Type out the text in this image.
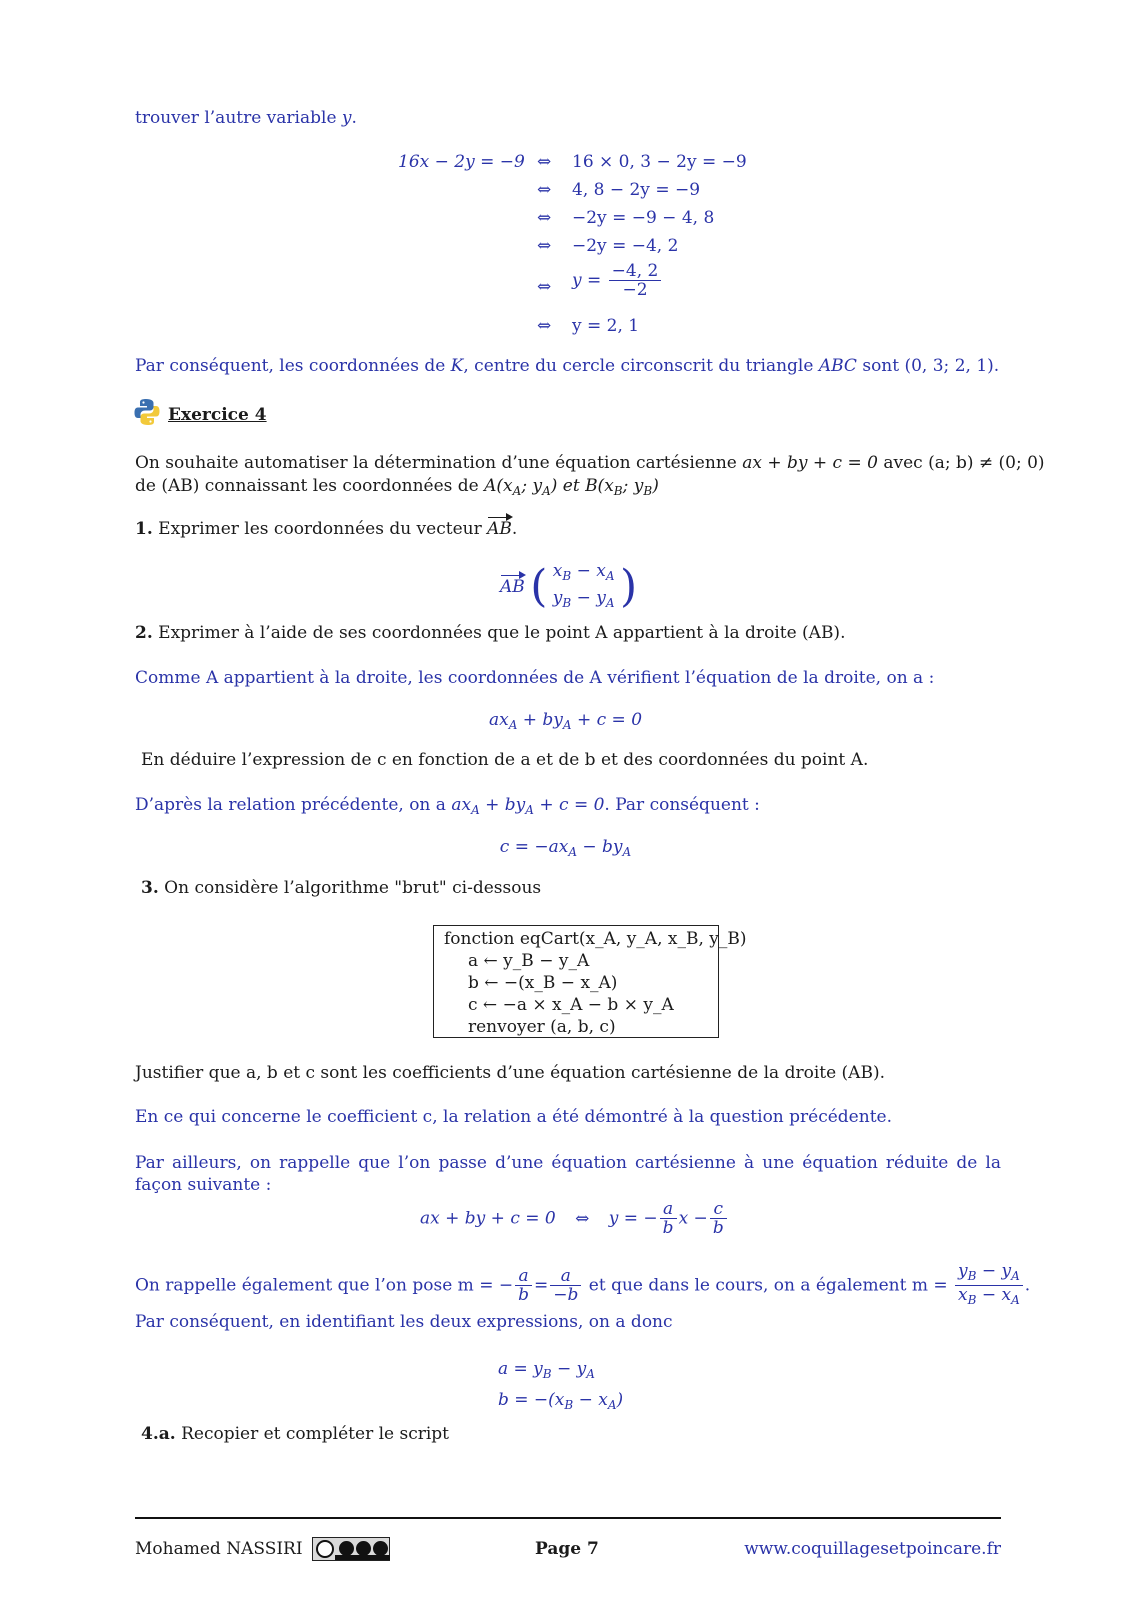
trouver l’autre variable y.
16x − 2y = −9 ⇔ 16 × 0, 3 − 2y = −9
⇔ 4, 8 − 2y = −9
⇔ −2y = −9 − 4, 8
⇔ −2y = −4, 2
⇔ $y = \frac{-4, 2}{-2}$
⇔ y = 2, 1
Par conséquent, les coordonnées de K, centre du cercle circonscrit du triangle ABC sont (0, 3; 2, 1).
Exercice 4
On souhaite automatiser la détermination d’une équation cartésienne ax + by + c = 0 avec (a; b) ≠ (0; 0)
de (AB) connaissant les coordonnées de $A(x_A$; $y_A$) et $B(x_B$; $y_B$)
1. Exprimer les coordonnées du vecteur AB.
AB ( $x_B - x_A$
$y_B - y_A$ )
2. Exprimer à l’aide de ses coordonnées que le point A appartient à la droite (AB).
Comme A appartient à la droite, les coordonnées de A vérifient l’équation de la droite, on a :
$ax_A + by_A + c = 0$
En déduire l’expression de c en fonction de a et de b et des coordonnées du point A.
D’après la relation précédente, on a $ax_A + by_A + c = 0$. Par conséquent :
$c = -ax_A - by_A$
3. On considère l’algorithme "brut" ci-dessous
fonction eqCart(x_A, y_A, x_B, y_B)
a ← y_B − y_A
b ← −(x_B − x_A)
c ← −a × x_A − b × y_A
renvoyer (a, b, c)
Justifier que a, b et c sont les coefficients d’une équation cartésienne de la droite (AB).
En ce qui concerne le coefficient c, la relation a été démontré à la question précédente.
Par ailleurs, on rappelle que l’on passe d’une équation cartésienne à une équation réduite de la façon suivante :
ax + by + c = 0 ⇔ y = − $\frac{a}{b}$ $x - \frac{c}{b}$
On rappelle également que l’on pose m = − $\frac{a}{b} = \frac{a}{-b}$ et que dans le cours, on a également $m = \frac{y_B - y_A}{x_B - x_A}$ .
Par conséquent, en identifiant les deux expressions, on a donc
$a = y_B - y_A$
$b = -(x_B - x_A)$
4.a. Recopier et compléter le script
Mohamed NASSIRI	Page 7	www.coquillagesetpoincare.fr
